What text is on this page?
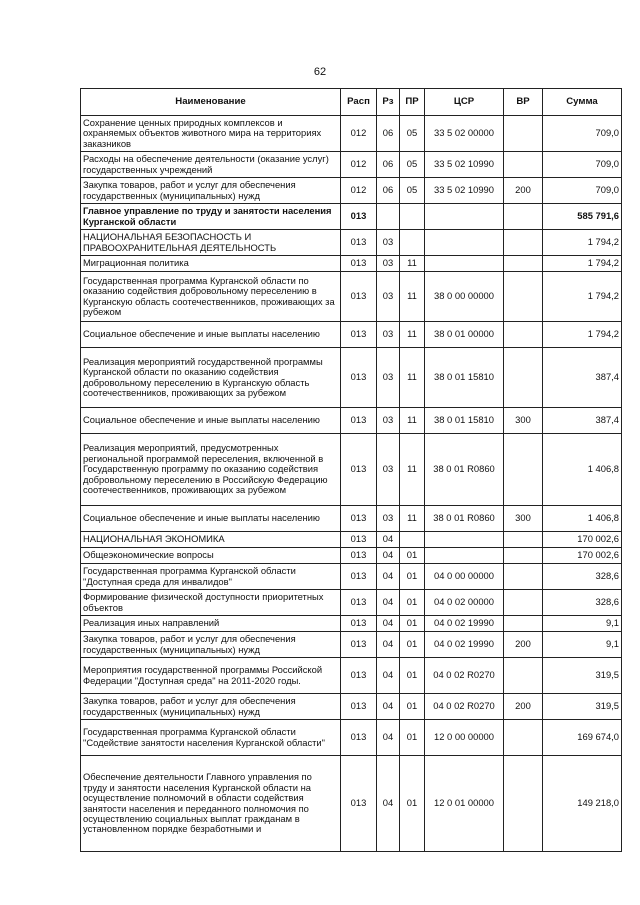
62
Наименование	Расп	Рз	ПР	ЦСР	ВР	Сумма
Сохранение ценных природных комплексов и охраняемых объектов животного мира на территориях заказников	012	06	05	33 5 02 00000		709,0
Расходы на обеспечение деятельности (оказание услуг) государственных учреждений	012	06	05	33 5 02 10990		709,0
Закупка товаров, работ и услуг для обеспечения государственных (муниципальных) нужд	012	06	05	33 5 02 10990	200	709,0
Главное управление по труду и занятости населения Курганской области	013					585 791,6
НАЦИОНАЛЬНАЯ БЕЗОПАСНОСТЬ И ПРАВООХРАНИТЕЛЬНАЯ ДЕЯТЕЛЬНОСТЬ	013	03				1 794,2
Миграционная политика	013	03	11			1 794,2
Государственная программа Курганской области по оказанию содействия добровольному переселению в Курганскую область соотечественников, проживающих за рубежом	013	03	11	38 0 00 00000		1 794,2
Социальное обеспечение и иные выплаты населению	013	03	11	38 0 01 00000		1 794,2
Реализация мероприятий государственной программы Курганской области по оказанию содействия добровольному переселению в Курганскую область соотечественников, проживающих за рубежом	013	03	11	38 0 01 15810		387,4
Социальное обеспечение и иные выплаты населению	013	03	11	38 0 01 15810	300	387,4
Реализация мероприятий, предусмотренных региональной программой переселения, включенной в Государственную программу по оказанию содействия добровольному переселению в Российскую Федерацию соотечественников, проживающих за рубежом	013	03	11	38 0 01 R0860		1 406,8
Социальное обеспечение и иные выплаты населению	013	03	11	38 0 01 R0860	300	1 406,8
НАЦИОНАЛЬНАЯ ЭКОНОМИКА	013	04				170 002,6
Общеэкономические вопросы	013	04	01			170 002,6
Государственная программа Курганской области "Доступная среда для инвалидов"	013	04	01	04 0 00 00000		328,6
Формирование физической доступности приоритетных объектов	013	04	01	04 0 02 00000		328,6
Реализация иных направлений	013	04	01	04 0 02 19990		9,1
Закупка товаров, работ и услуг для обеспечения государственных (муниципальных) нужд	013	04	01	04 0 02 19990	200	9,1
Мероприятия государственной программы Российской Федерации "Доступная среда" на 2011-2020 годы.	013	04	01	04 0 02 R0270		319,5
Закупка товаров, работ и услуг для обеспечения государственных (муниципальных) нужд	013	04	01	04 0 02 R0270	200	319,5
Государственная программа Курганской области "Содействие занятости населения Курганской области"	013	04	01	12 0 00 00000		169 674,0
Обеспечение деятельности Главного управления по труду и занятости населения Курганской области на осуществление полномочий в области содействия занятости населения и переданного полномочия по осуществлению социальных выплат гражданам в установленном порядке безработными и	013	04	01	12 0 01 00000		149 218,0
